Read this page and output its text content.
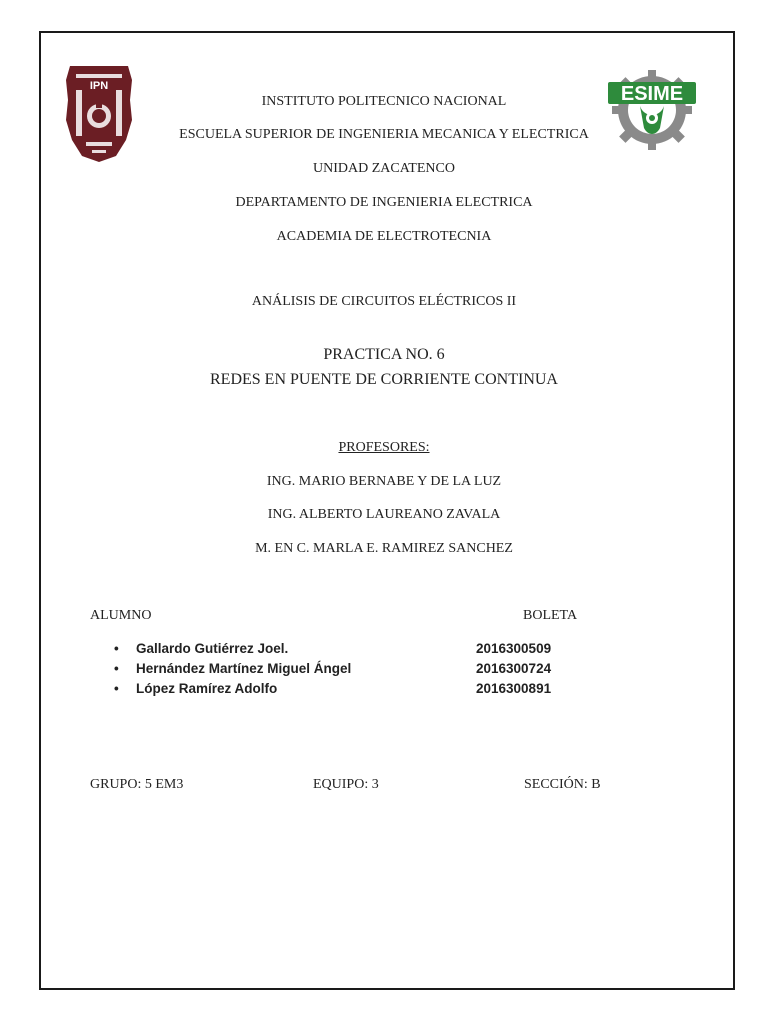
IPN	ESIME
INSTITUTO POLITECNICO NACIONAL
ESCUELA SUPERIOR DE INGENIERIA MECANICA Y ELECTRICA
UNIDAD ZACATENCO
DEPARTAMENTO DE INGENIERIA ELECTRICA
ACADEMIA DE ELECTROTECNIA
ANÁLISIS DE CIRCUITOS ELÉCTRICOS II
PRACTICA NO. 6
REDES EN PUENTE DE CORRIENTE CONTINUA
PROFESORES:
ING. MARIO BERNABE Y DE LA LUZ
ING. ALBERTO LAUREANO ZAVALA
M. EN C. MARLA E. RAMIREZ SANCHEZ
ALUMNO	BOLETA
• Gallardo Gutiérrez Joel.	2016300509
• Hernández Martínez Miguel Ángel	2016300724
• López Ramírez Adolfo	2016300891
GRUPO: 5 EM3	EQUIPO: 3	SECCIÓN: B
